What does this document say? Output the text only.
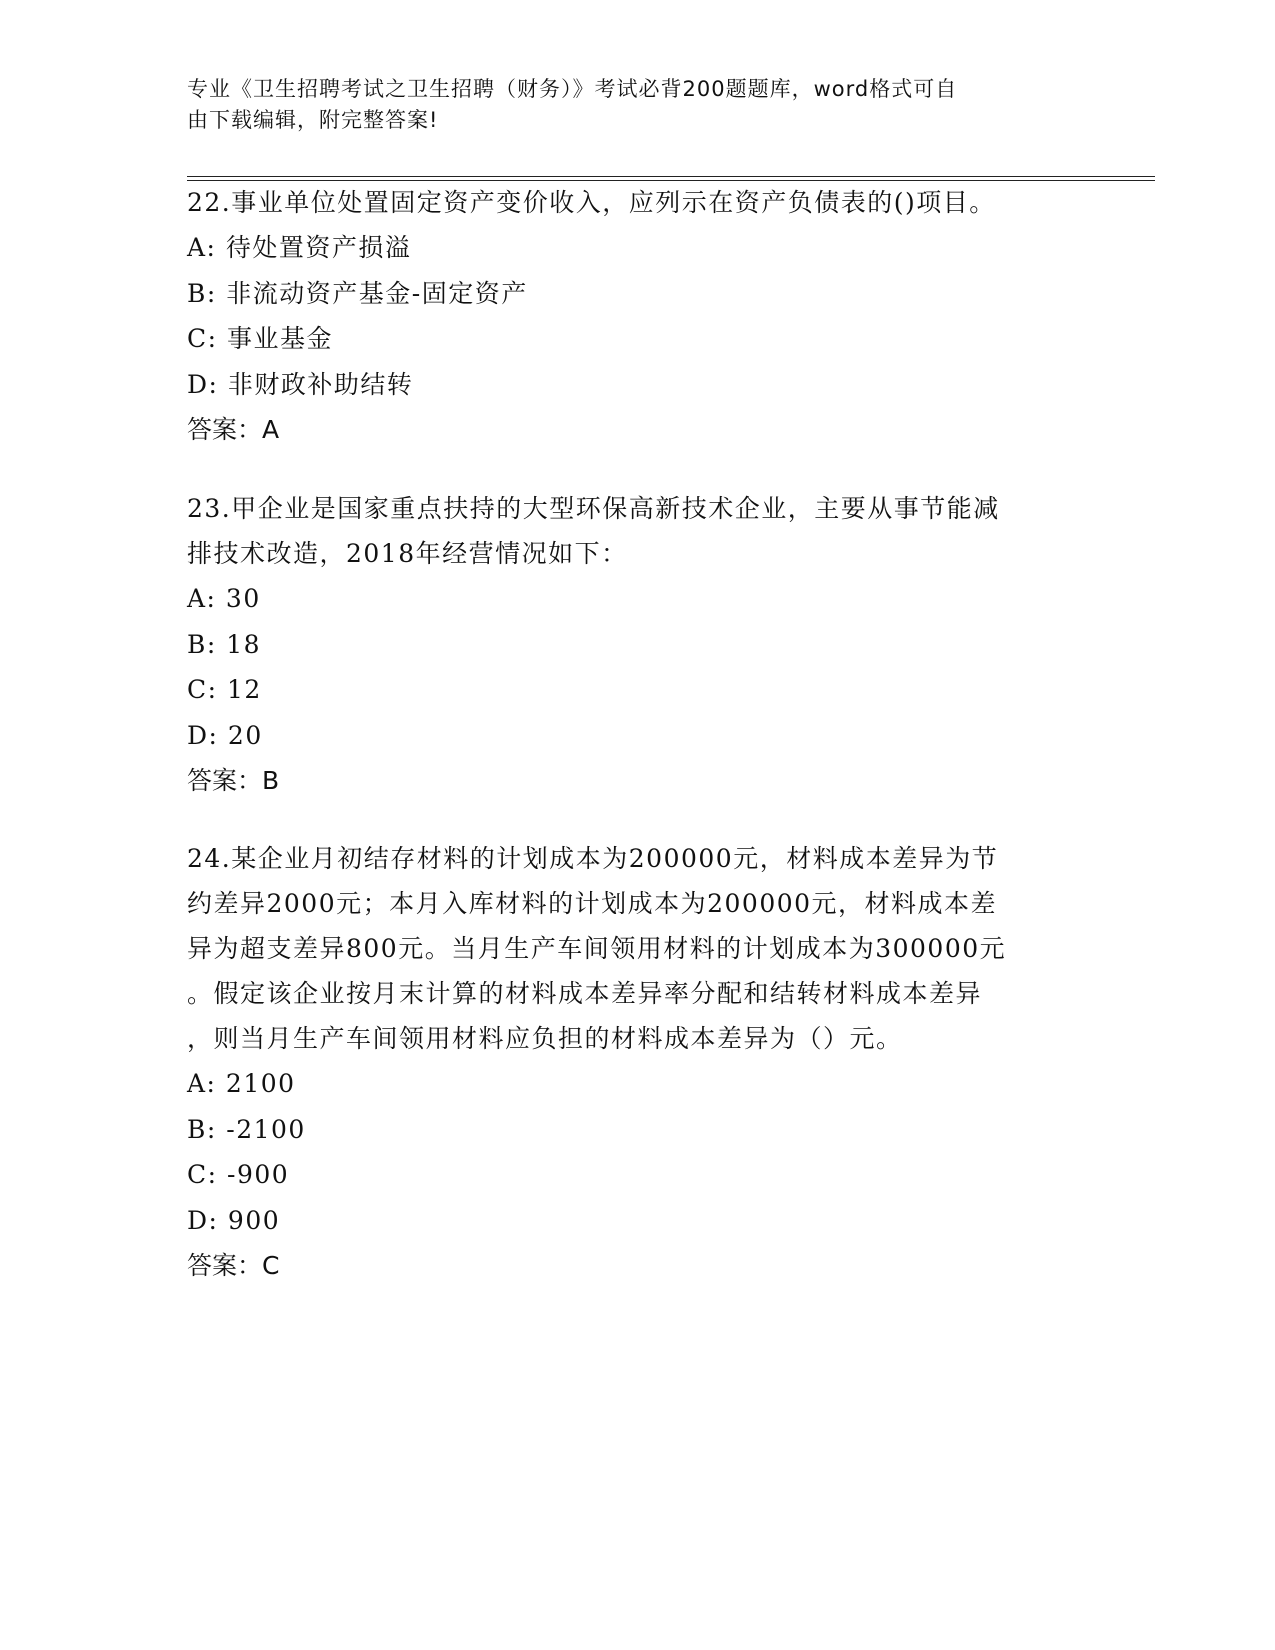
专业《卫生招聘考试之卫生招聘（财务）》考试必背200题题库，word格式可自
由下载编辑，附完整答案!

22.事业单位处置固定资产变价收入，应列示在资产负债表的()项目。

A: 待处置资产损溢

B: 非流动资产基金-固定资产

C: 事业基金

D: 非财政补助结转

答案：A

23.甲企业是国家重点扶持的大型环保高新技术企业，主要从事节能减

排技术改造，2018年经营情况如下：

A: 30

B: 18

C: 12

D: 20

答案：B

24.某企业月初结存材料的计划成本为200000元，材料成本差异为节

约差异2000元；本月入库材料的计划成本为200000元，材料成本差

异为超支差异800元。当月生产车间领用材料的计划成本为300000元

。假定该企业按月末计算的材料成本差异率分配和结转材料成本差异

，则当月生产车间领用材料应负担的材料成本差异为（）元。

A: 2100

B: -2100

C: -900

D: 900

答案：C
